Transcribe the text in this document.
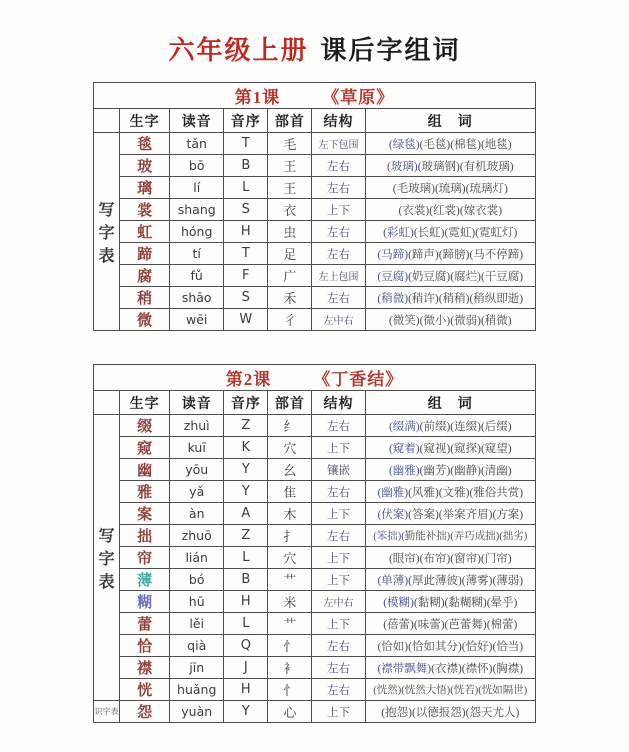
六年级上册 课后字组词
第1课 《草原》						
	生字	读音	音序	部首	结构	组　词

写
字
表	毯	tǎn	T	毛	左下包围	(绿毯)(毛毯)(棉毯)(地毯)
	玻	bō	B	王	左右	(玻璃)(玻璃钢)(有机玻璃)
	璃	lí	L	王	左右	(毛玻璃)(琉璃)(琉璃灯)
	裳	shang	S	衣	上下	(衣裳)(红裳)(嫁衣裳)
	虹	hóng	H	虫	左右	(彩虹)(长虹)(霓虹)(霓虹灯)
	蹄	tí	T	足	左右	(马蹄)(蹄声)(蹄膀)(马不停蹄)
	腐	fǔ	F	广	左上包围	(豆腐)(奶豆腐)(腐烂)(干豆腐)
	稍	shāo	S	禾	左右	(稍微)(稍许)(稍稍)(稍纵即逝)
	微	wēi	W	彳	左中右	(微笑)(微小)(微弱)(稍微)
第2课 《丁香结》						
	生字	读音	音序	部首	结构	组　词

写
字
表	缀	zhuì	Z	纟	左右	(缀满)(前缀)(连缀)(后缀)
	窥	kuī	K	穴	上下	(窥着)(窥视)(窥探)(窥望)
	幽	yōu	Y	幺	镶嵌	(幽雅)(幽芳)(幽静)(清幽)
	雅	yǎ	Y	隹	左右	(幽雅)(风雅)(文雅)(雅俗共赏)
	案	àn	A	木	上下	(伏案)(答案)(举案齐眉)(方案)
	拙	zhuō	Z	扌	左右	(笨拙)(勤能补拙)(弄巧成拙)(拙劣)
	帘	lián	L	穴	上下	(眼帘)(布帘)(窗帘)(门帘)
	薄	bó	B	艹	上下	(单薄)(厚此薄彼)(薄雾)(薄弱)
	糊	hū	H	米	左中右	(模糊)(黏糊)(黏糊糊)(晕乎)
	蕾	lěi	L	艹	上下	(蓓蕾)(味蕾)(芭蕾舞)(棉蕾)
	恰	qià	Q	忄	左右	(恰如)(恰如其分)(恰好)(恰当)
	襟	jīn	J	衤	左右	(襟带飘舞)(衣襟)(襟怀)(胸襟)
	恍	huǎng	H	忄	左右	(恍然)(恍然大悟)(恍若)(恍如隔世)
识字表	怨	yuàn	Y	心	上下	(抱怨)(以德报怨)(怨天尤人)
